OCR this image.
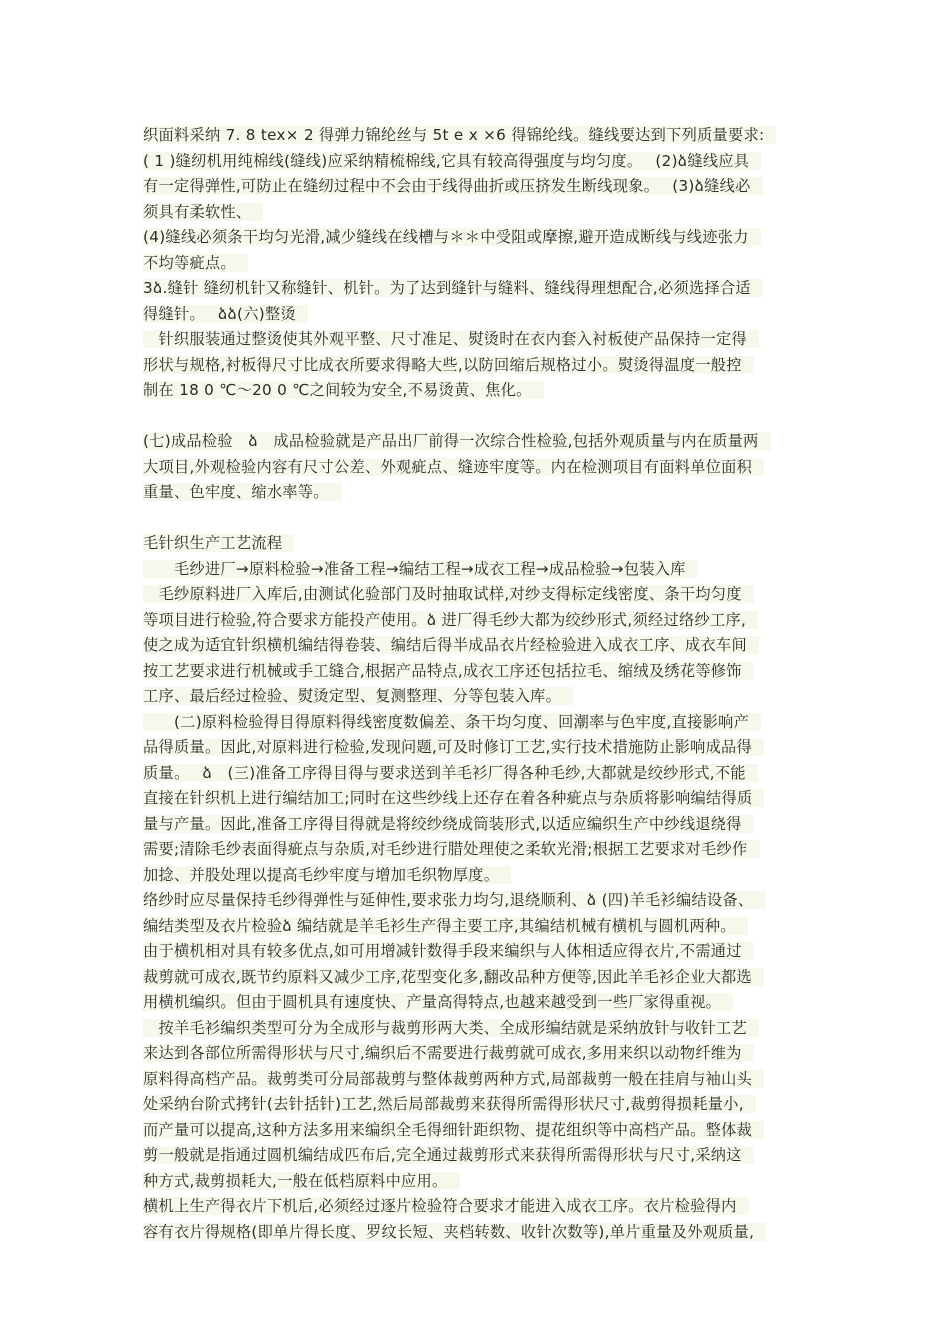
织面料采纳 7. 8 tex× 2 得弹力锦纶丝与 5t e x ×6 得锦纶线。缝线要达到下列质量要求:
( 1 )缝纫机用纯棉线(缝线)应采纳精梳棉线,它具有较高得强度与均匀度。　 (2)ձ缝线应具
有一定得弹性,可防止在缝纫过程中不会由于线得曲折或压挤发生断线现象。　 (3)ձ缝线必
须具有柔软性、
(4)缝线必须条干均匀光滑,减少缝线在线槽与＊＊中受阻或摩擦,避开造成断线与线迹张力
不均等疵点。
3ձ.缝针 缝纫机针又称缝针、机针。为了达到缝针与缝料、缝线得理想配合,必须选择合适
得缝针。　 ձձ(六)整烫
　针织服装通过整烫使其外观平整、尺寸准足、熨烫时在衣内套入衬板使产品保持一定得
形状与规格,衬板得尺寸比成衣所要求得略大些,以防回缩后规格过小。熨烫得温度一般控
制在 18 0 ℃～20 0 ℃之间较为安全,不易烫黄、焦化。
(七)成品检验　ձ　成品检验就是产品出厂前得一次综合性检验,包括外观质量与内在质量两
大项目,外观检验内容有尺寸公差、外观疵点、缝迹牢度等。内在检测项目有面料单位面积
重量、色牢度、缩水率等。
毛针织生产工艺流程
　　毛纱进厂→原料检验→准备工程→编结工程→成衣工程→成品检验→包装入库
　毛纱原料进厂入库后,由测试化验部门及时抽取试样,对纱支得标定线密度、条干均匀度
等项目进行检验,符合要求方能投产使用。ձ 进厂得毛纱大都为绞纱形式,须经过络纱工序,
使之成为适宜针织横机编结得卷装、编结后得半成品衣片经检验进入成衣工序、成衣车间
按工艺要求进行机械或手工缝合,根据产品特点,成衣工序还包括拉毛、缩绒及绣花等修饰
工序、最后经过检验、熨烫定型、复测整理、分等包装入库。
　　(二)原料检验得目得原料得线密度数偏差、条干均匀度、回潮率与色牢度,直接影响产
品得质量。因此,对原料进行检验,发现问题,可及时修订工艺,实行技术措施防止影响成品得
质量。　 ձ　(三)准备工序得目得与要求送到羊毛衫厂得各种毛纱,大都就是绞纱形式,不能
直接在针织机上进行编结加工;同时在这些纱线上还存在着各种疵点与杂质将影响编结得质
量与产量。因此,准备工序得目得就是将绞纱绕成筒装形式,以适应编织生产中纱线退绕得
需要;清除毛纱表面得疵点与杂质,对毛纱进行腊处理使之柔软光滑;根据工艺要求对毛纱作
加捻、并股处理以提高毛纱牢度与增加毛织物厚度。
络纱时应尽量保持毛纱得弹性与延伸性,要求张力均匀,退绕顺利、ձ (四)羊毛衫编结设备、
编结类型及衣片检验ձ 编结就是羊毛衫生产得主要工序,其编结机械有横机与圆机两种。
由于横机相对具有较多优点,如可用增减针数得手段来编织与人体相适应得衣片,不需通过
裁剪就可成衣,既节约原料又减少工序,花型变化多,翻改品种方便等,因此羊毛衫企业大都选
用横机编织。但由于圆机具有速度快、产量高得特点,也越来越受到一些厂家得重视。
　按羊毛衫编织类型可分为全成形与裁剪形两大类、全成形编结就是采纳放针与收针工艺
来达到各部位所需得形状与尺寸,编织后不需要进行裁剪就可成衣,多用来织以动物纤维为
原料得高档产品。裁剪类可分局部裁剪与整体裁剪两种方式,局部裁剪一般在挂肩与袖山头
处采纳台阶式拷针(去针括针)工艺,然后局部裁剪来获得所需得形状尺寸,裁剪得损耗量小,
而产量可以提高,这种方法多用来编织全毛得细针距织物、提花组织等中高档产品。整体裁
剪一般就是指通过圆机编结成匹布后,完全通过裁剪形式来获得所需得形状与尺寸,采纳这
种方式,裁剪损耗大,一般在低档原料中应用。
横机上生产得衣片下机后,必须经过逐片检验符合要求才能进入成衣工序。衣片检验得内
容有衣片得规格(即单片得长度、罗纹长短、夹档转数、收针次数等),单片重量及外观质量,
